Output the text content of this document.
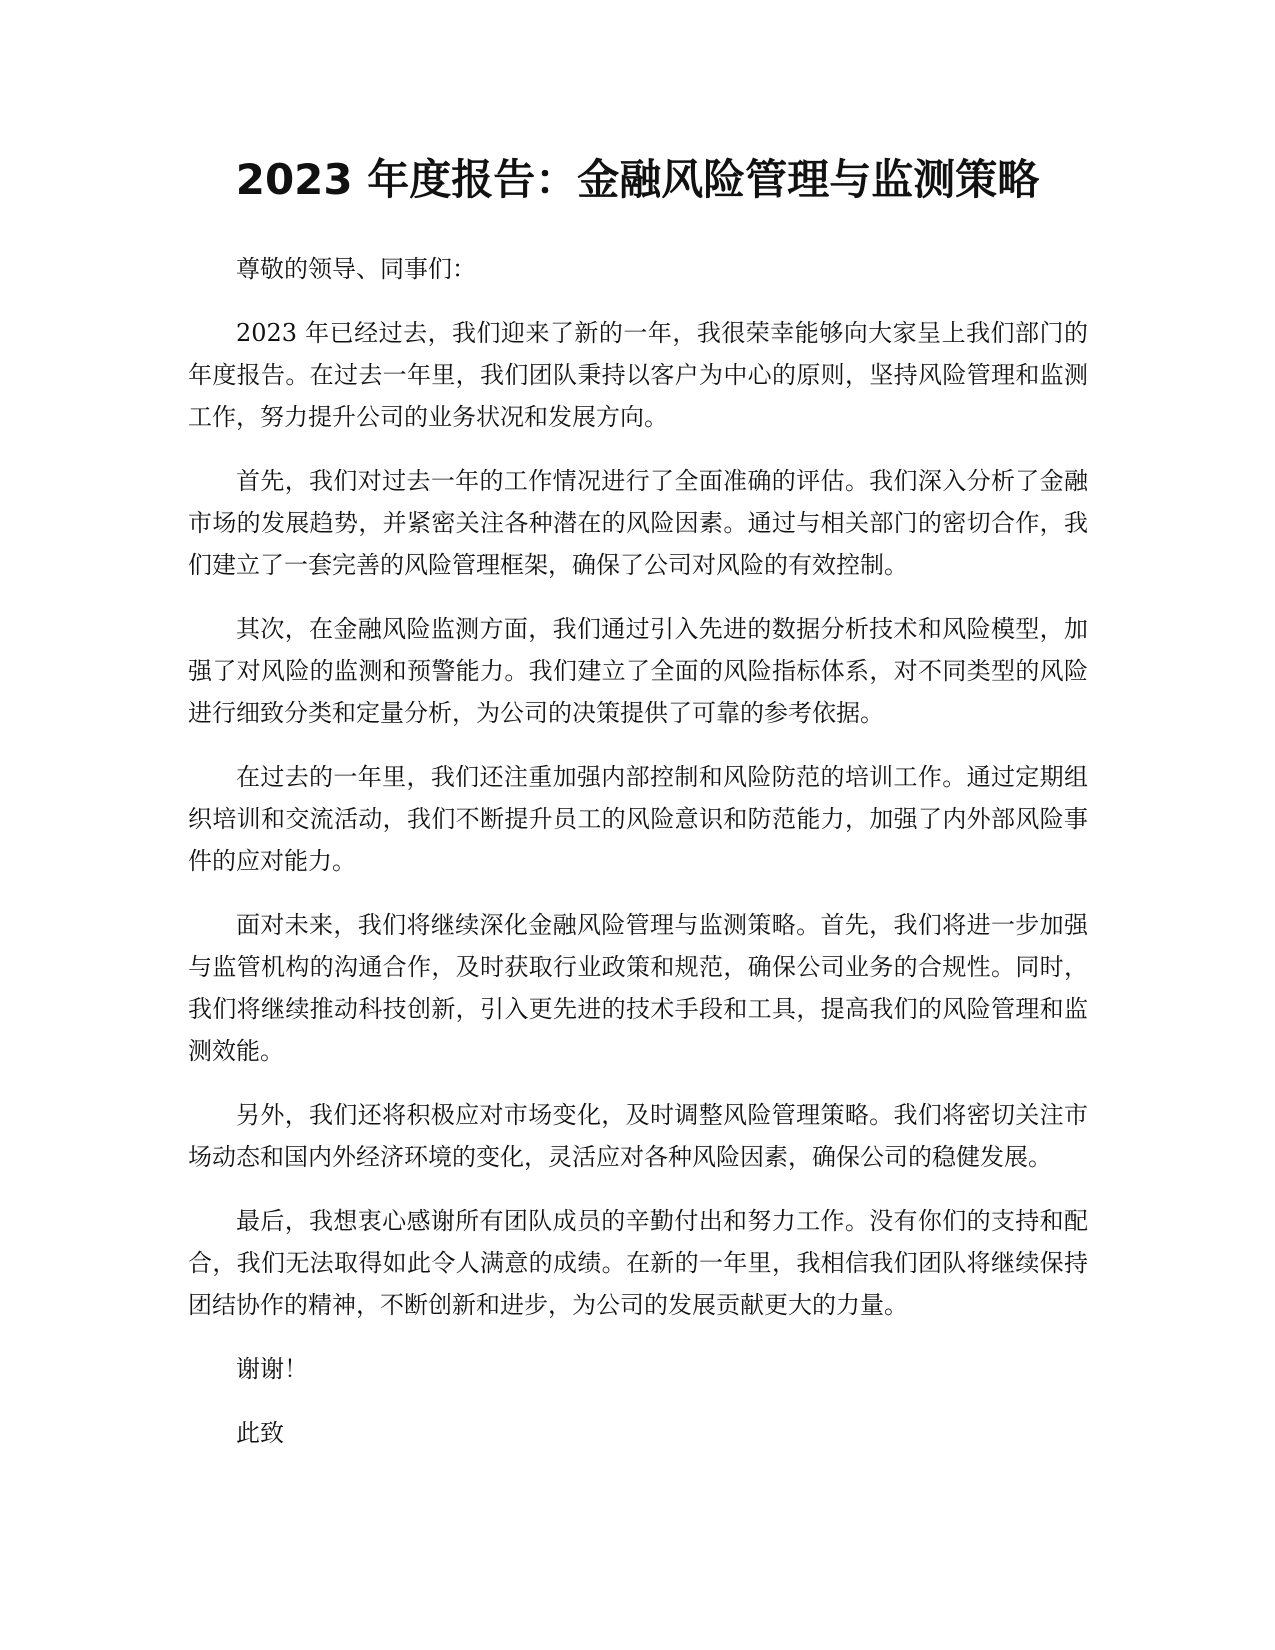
2023 年度报告：金融风险管理与监测策略

尊敬的领导、同事们：

2023 年已经过去，我们迎来了新的一年，我很荣幸能够向大家呈上我们部门的年度报告。在过去一年里，我们团队秉持以客户为中心的原则，坚持风险管理和监测工作，努力提升公司的业务状况和发展方向。

首先，我们对过去一年的工作情况进行了全面准确的评估。我们深入分析了金融市场的发展趋势，并紧密关注各种潜在的风险因素。通过与相关部门的密切合作，我们建立了一套完善的风险管理框架，确保了公司对风险的有效控制。

其次，在金融风险监测方面，我们通过引入先进的数据分析技术和风险模型，加强了对风险的监测和预警能力。我们建立了全面的风险指标体系，对不同类型的风险进行细致分类和定量分析，为公司的决策提供了可靠的参考依据。

在过去的一年里，我们还注重加强内部控制和风险防范的培训工作。通过定期组织培训和交流活动，我们不断提升员工的风险意识和防范能力，加强了内外部风险事件的应对能力。

面对未来，我们将继续深化金融风险管理与监测策略。首先，我们将进一步加强与监管机构的沟通合作，及时获取行业政策和规范，确保公司业务的合规性。同时，我们将继续推动科技创新，引入更先进的技术手段和工具，提高我们的风险管理和监测效能。

另外，我们还将积极应对市场变化，及时调整风险管理策略。我们将密切关注市场动态和国内外经济环境的变化，灵活应对各种风险因素，确保公司的稳健发展。

最后，我想衷心感谢所有团队成员的辛勤付出和努力工作。没有你们的支持和配合，我们无法取得如此令人满意的成绩。在新的一年里，我相信我们团队将继续保持团结协作的精神，不断创新和进步，为公司的发展贡献更大的力量。

谢谢！

此致
